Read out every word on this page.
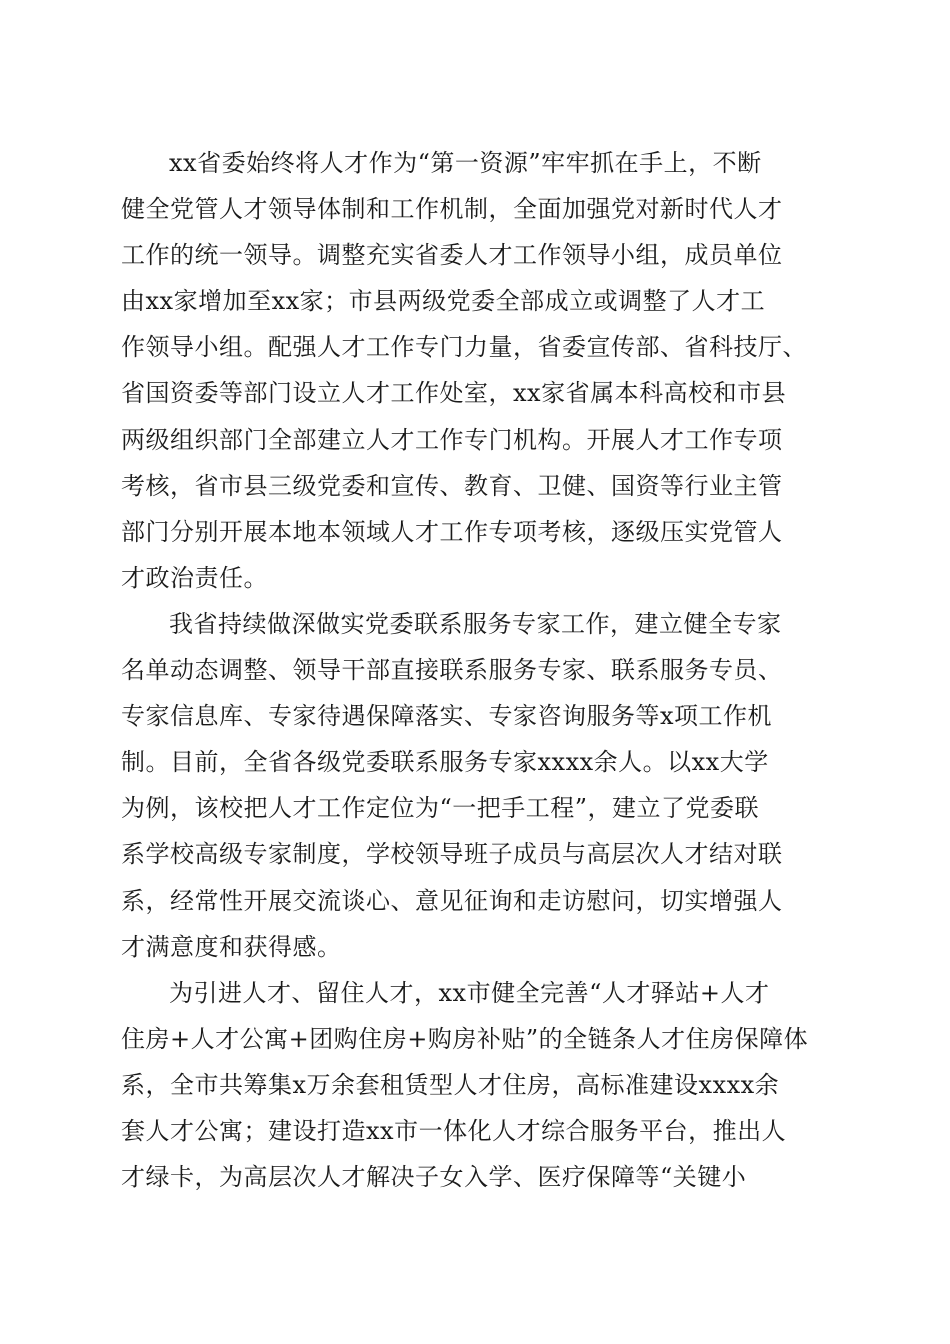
xx省委始终将人才作为“第一资源”牢牢抓在手上，不断
健全党管人才领导体制和工作机制，全面加强党对新时代人才
工作的统一领导。调整充实省委人才工作领导小组，成员单位
由xx家增加至xx家；市县两级党委全部成立或调整了人才工
作领导小组。配强人才工作专门力量，省委宣传部、省科技厅、
省国资委等部门设立人才工作处室，xx家省属本科高校和市县
两级组织部门全部建立人才工作专门机构。开展人才工作专项
考核，省市县三级党委和宣传、教育、卫健、国资等行业主管
部门分别开展本地本领域人才工作专项考核，逐级压实党管人
才政治责任。
我省持续做深做实党委联系服务专家工作，建立健全专家
名单动态调整、领导干部直接联系服务专家、联系服务专员、
专家信息库、专家待遇保障落实、专家咨询服务等x项工作机
制。目前，全省各级党委联系服务专家xxxx余人。以xx大学
为例，该校把人才工作定位为“一把手工程”，建立了党委联
系学校高级专家制度，学校领导班子成员与高层次人才结对联
系，经常性开展交流谈心、意见征询和走访慰问，切实增强人
才满意度和获得感。
为引进人才、留住人才，xx市健全完善“人才驿站+人才
住房+人才公寓+团购住房+购房补贴”的全链条人才住房保障体
系，全市共筹集x万余套租赁型人才住房，高标准建设xxxx余
套人才公寓；建设打造xx市一体化人才综合服务平台，推出人
才绿卡，为高层次人才解决子女入学、医疗保障等“关键小
